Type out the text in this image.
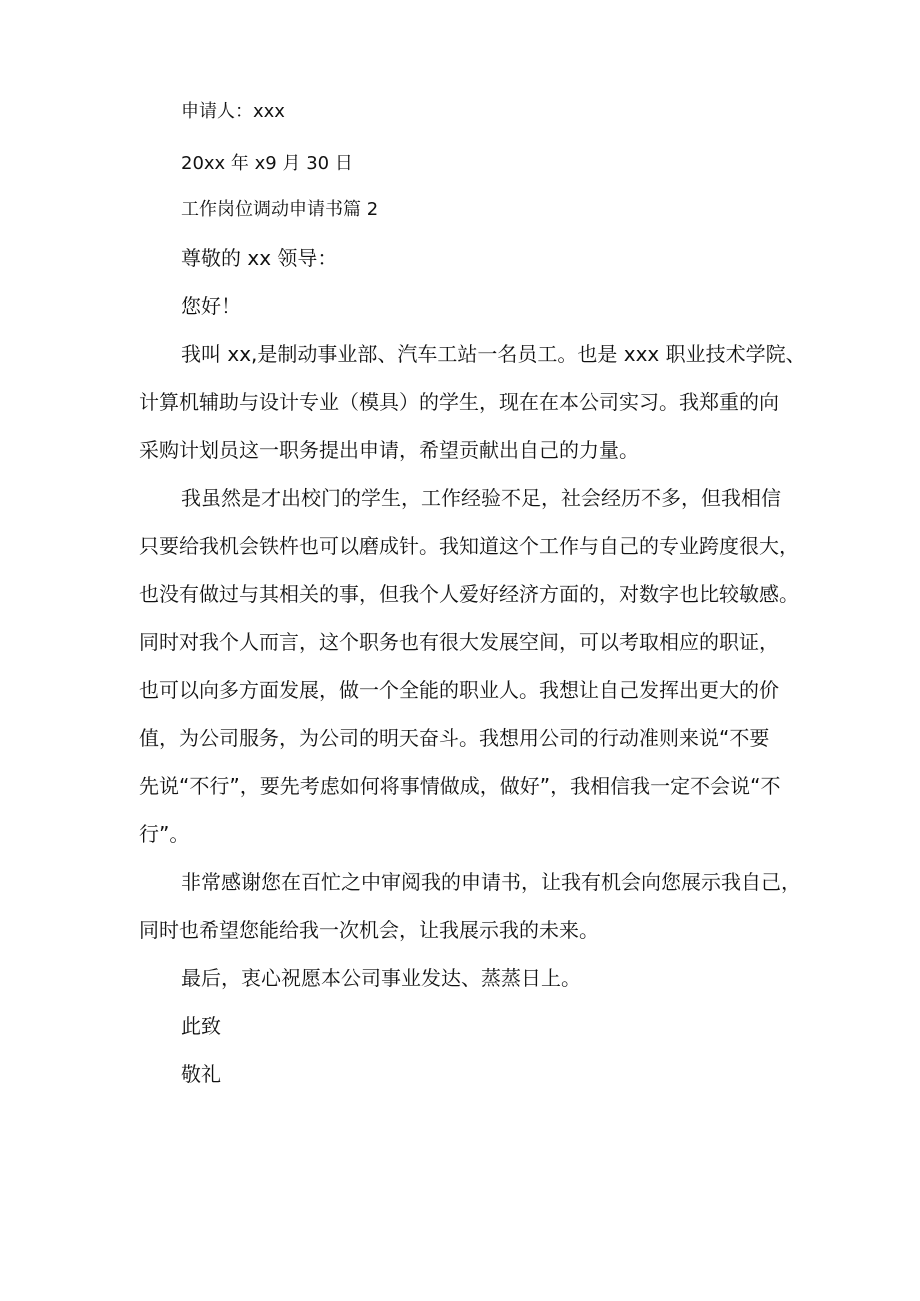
申请人：xxx
20xx 年 x9 月 30 日
工作岗位调动申请书篇 2
尊敬的 xx 领导：
您好！
我叫 xx,是制动事业部、汽车工站一名员工。也是 xxx 职业技术学院、
计算机辅助与设计专业（模具）的学生，现在在本公司实习。我郑重的向
采购计划员这一职务提出申请，希望贡献出自己的力量。
我虽然是才出校门的学生，工作经验不足，社会经历不多，但我相信
只要给我机会铁杵也可以磨成针。我知道这个工作与自己的专业跨度很大，
也没有做过与其相关的事，但我个人爱好经济方面的，对数字也比较敏感。
同时对我个人而言，这个职务也有很大发展空间，可以考取相应的职证，
也可以向多方面发展，做一个全能的职业人。我想让自己发挥出更大的价
值，为公司服务，为公司的明天奋斗。我想用公司的行动准则来说“不要
先说“不行”，要先考虑如何将事情做成，做好”，我相信我一定不会说“不
行”。
非常感谢您在百忙之中审阅我的申请书，让我有机会向您展示我自己，
同时也希望您能给我一次机会，让我展示我的未来。
最后，衷心祝愿本公司事业发达、蒸蒸日上。
此致
敬礼
